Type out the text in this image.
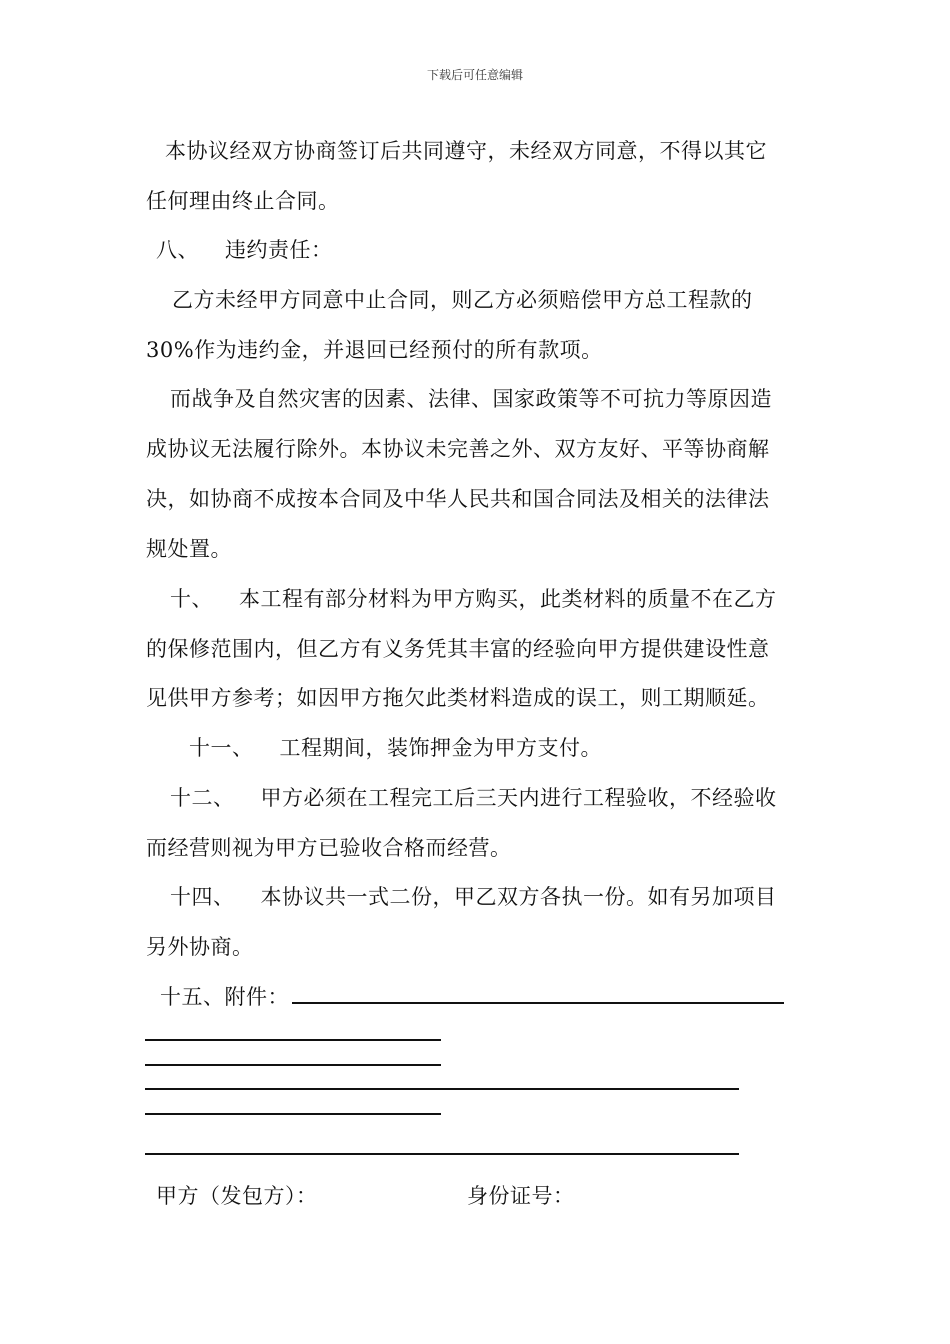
下载后可任意编辑
本协议经双方协商签订后共同遵守，未经双方同意，不得以其它
任何理由终止合同。
八、 违约责任：
乙方未经甲方同意中止合同，则乙方必须赔偿甲方总工程款的
30%作为违约金，并退回已经预付的所有款项。
而战争及自然灾害的因素、法律、国家政策等不可抗力等原因造
成协议无法履行除外。本协议未完善之外、双方友好、平等协商解
决，如协商不成按本合同及中华人民共和国合同法及相关的法律法
规处置。
十、 本工程有部分材料为甲方购买，此类材料的质量不在乙方
的保修范围内，但乙方有义务凭其丰富的经验向甲方提供建设性意
见供甲方参考；如因甲方拖欠此类材料造成的误工，则工期顺延。
十一、 工程期间，装饰押金为甲方支付。
十二、 甲方必须在工程完工后三天内进行工程验收，不经验收
而经营则视为甲方已验收合格而经营。
十四、 本协议共一式二份，甲乙双方各执一份。如有另加项目
另外协商。
十五、附件：
甲方（发包方）：	身份证号：
